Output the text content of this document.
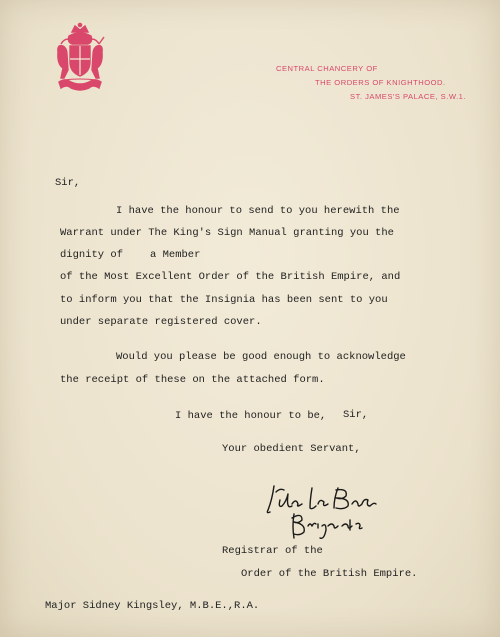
CENTRAL CHANCERY OF
THE ORDERS OF KNIGHTHOOD.
ST. JAMES'S PALACE, S.W.1.
Sir,
I have the honour to send to you herewith the
Warrant under The King's Sign Manual granting you the
dignity of	a Member
of the Most Excellent Order of the British Empire, and
to inform you that the Insignia has been sent to you
under separate registered cover.
Would you please be good enough to acknowledge
the receipt of these on the attached form.
I have the honour to be, Sir,
Your obedient Servant,
Registrar of the
Order of the British Empire.
Major Sidney Kingsley, M.B.E.,R.A.
